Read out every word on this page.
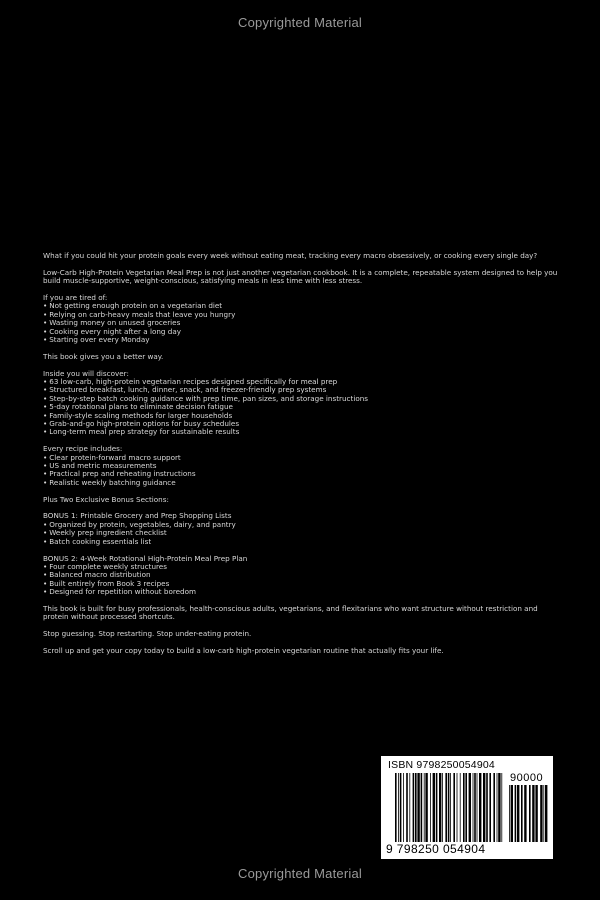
Copyrighted Material

What if you could hit your protein goals every week without eating meat, tracking every macro obsessively, or cooking every single day?

Low-Carb High-Protein Vegetarian Meal Prep is not just another vegetarian cookbook. It is a complete, repeatable system designed to help you build muscle-supportive, weight-conscious, satisfying meals in less time with less stress.

If you are tired of:

• Not getting enough protein on a vegetarian diet
• Relying on carb-heavy meals that leave you hungry
• Wasting money on unused groceries
• Cooking every night after a long day
• Starting over every Monday

This book gives you a better way.

Inside you will discover:

• 63 low-carb, high-protein vegetarian recipes designed specifically for meal prep
• Structured breakfast, lunch, dinner, snack, and freezer-friendly prep systems
• Step-by-step batch cooking guidance with prep time, pan sizes, and storage instructions
• 5-day rotational plans to eliminate decision fatigue
• Family-style scaling methods for larger households
• Grab-and-go high-protein options for busy schedules
• Long-term meal prep strategy for sustainable results

Every recipe includes:

• Clear protein-forward macro support
• US and metric measurements
• Practical prep and reheating instructions
• Realistic weekly batching guidance

Plus Two Exclusive Bonus Sections:

BONUS 1: Printable Grocery and Prep Shopping Lists

• Organized by protein, vegetables, dairy, and pantry
• Weekly prep ingredient checklist
• Batch cooking essentials list

BONUS 2: 4-Week Rotational High-Protein Meal Prep Plan

• Four complete weekly structures
• Balanced macro distribution
• Built entirely from Book 3 recipes
• Designed for repetition without boredom

This book is built for busy professionals, health-conscious adults, vegetarians, and flexitarians who want structure without restriction and protein without processed shortcuts.

Stop guessing. Stop restarting. Stop under-eating protein.

Scroll up and get your copy today to build a low-carb high-protein vegetarian routine that actually fits your life.

ISBN 9798250054904
90000
9 798250 054904
Copyrighted Material
